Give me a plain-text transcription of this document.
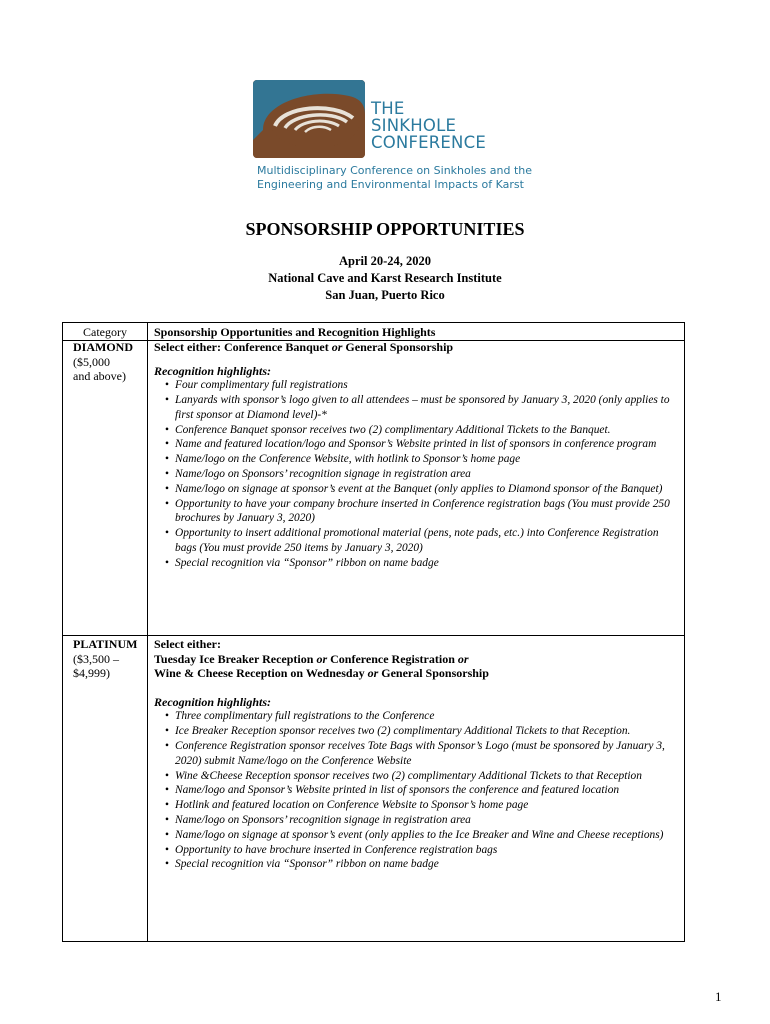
THE
SINKHOLE
CONFERENCE
Multidisciplinary Conference on Sinkholes and the
Engineering and Environmental Impacts of Karst
SPONSORSHIP OPPORTUNITIES
April 20-24, 2020
National Cave and Karst Research Institute
San Juan, Puerto Rico
Category	Sponsorship Opportunities and Recognition Highlights
DIAMOND
($5,000
and above)
Select either: Conference Banquet or General Sponsorship
Recognition highlights:
• Four complimentary full registrations
• Lanyards with sponsor’s logo given to all attendees – must be sponsored by January 3, 2020 (only applies to first sponsor at Diamond level)-*
• Conference Banquet sponsor receives two (2) complimentary Additional Tickets to the Banquet.
• Name and featured location/logo and Sponsor’s Website printed in list of sponsors in conference program
• Name/logo on the Conference Website, with hotlink to Sponsor’s home page
• Name/logo on Sponsors’ recognition signage in registration area
• Name/logo on signage at sponsor’s event at the Banquet (only applies to Diamond sponsor of the Banquet)
• Opportunity to have your company brochure inserted in Conference registration bags (You must provide 250 brochures by January 3, 2020)
• Opportunity to insert additional promotional material (pens, note pads, etc.) into Conference Registration bags (You must provide 250 items by January 3, 2020)
• Special recognition via “Sponsor” ribbon on name badge
PLATINUM
($3,500 –
$4,999)
Select either:
Tuesday Ice Breaker Reception or Conference Registration or
Wine & Cheese Reception on Wednesday or General Sponsorship
Recognition highlights:
• Three complimentary full registrations to the Conference
• Ice Breaker Reception sponsor receives two (2) complimentary Additional Tickets to that Reception.
• Conference Registration sponsor receives Tote Bags with Sponsor’s Logo (must be sponsored by January 3, 2020) submit Name/logo on the Conference Website
• Wine &Cheese Reception sponsor receives two (2) complimentary Additional Tickets to that Reception
• Name/logo and Sponsor’s Website printed in list of sponsors the conference and featured location
• Hotlink and featured location on Conference Website to Sponsor’s home page
• Name/logo on Sponsors’ recognition signage in registration area
• Name/logo on signage at sponsor’s event (only applies to the Ice Breaker and Wine and Cheese receptions)
• Opportunity to have brochure inserted in Conference registration bags
• Special recognition via “Sponsor” ribbon on name badge
1
